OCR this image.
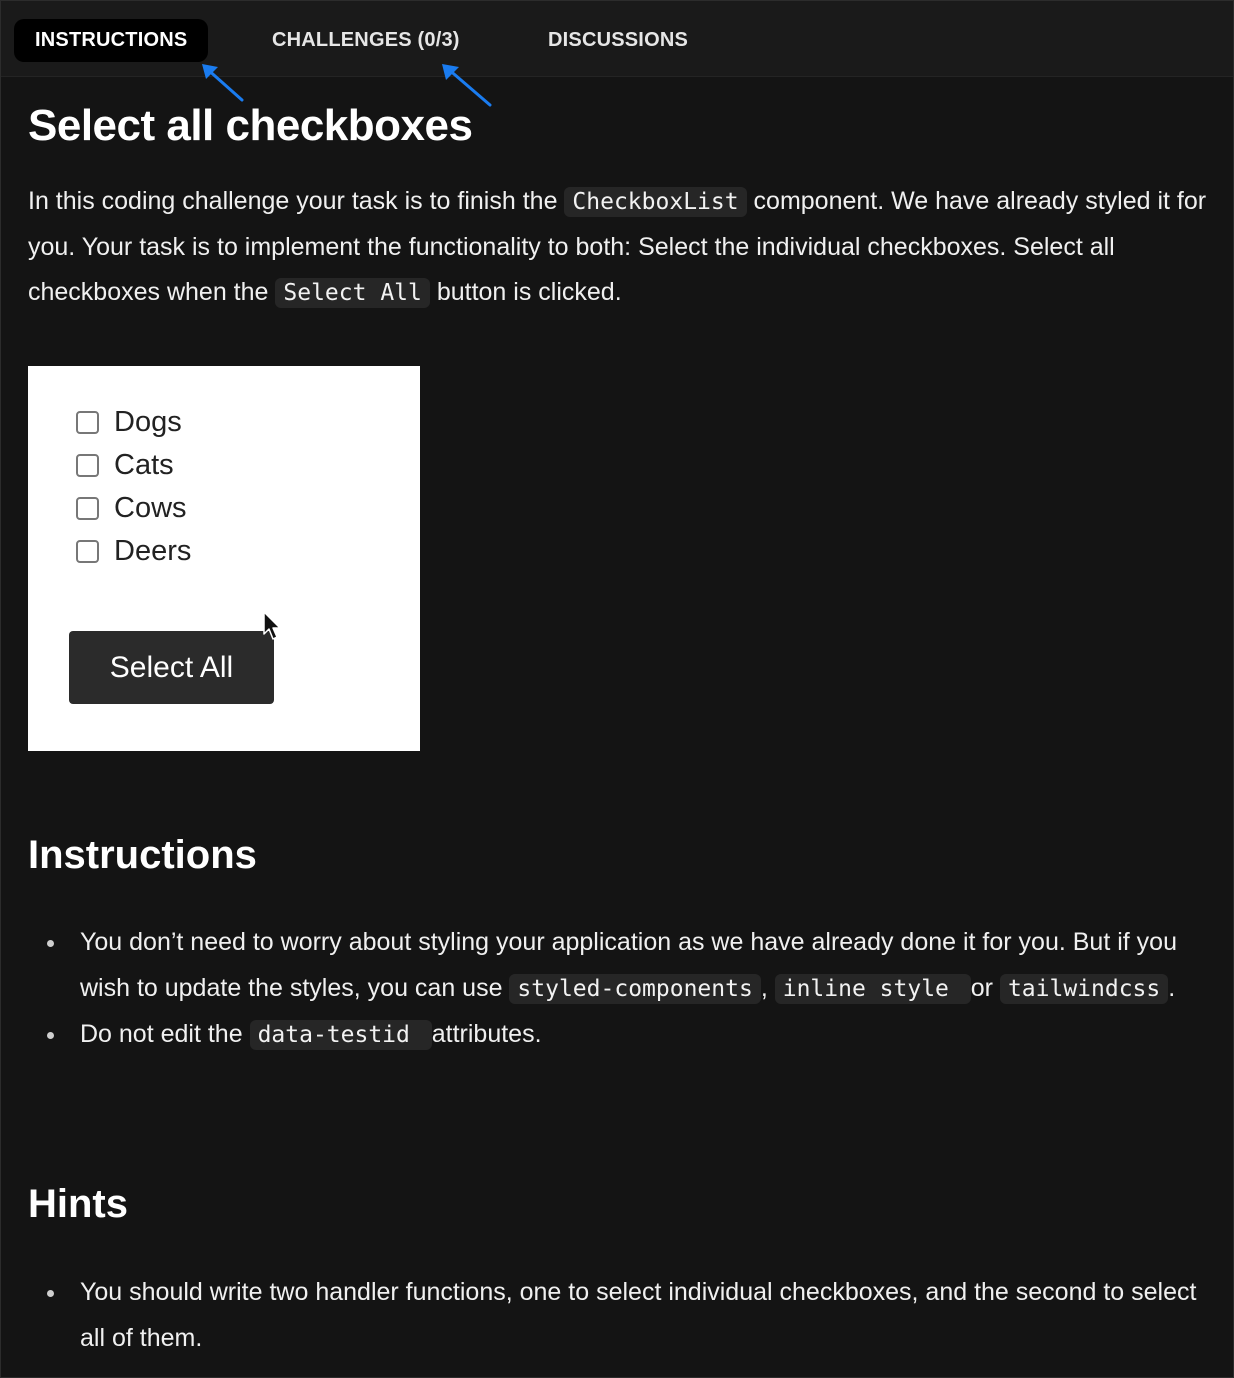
INSTRUCTIONS	CHALLENGES (0/3)	DISCUSSIONS
Select all checkboxes

In this coding challenge your task is to finish the CheckboxList component. We have already styled it for you. Your task is to implement the functionality to both: Select the individual checkboxes. Select all checkboxes when the Select All button is clicked.

Dogs
Cats
Cows
Deers
Select All
Instructions
You don’t need to worry about styling your application as we have already done it for you. But if you wish to update the styles, you can use styled-components , inline style or tailwindcss .
Do not edit the data-testid attributes.
Hints
You should write two handler functions, one to select individual checkboxes, and the second to select all of them.
